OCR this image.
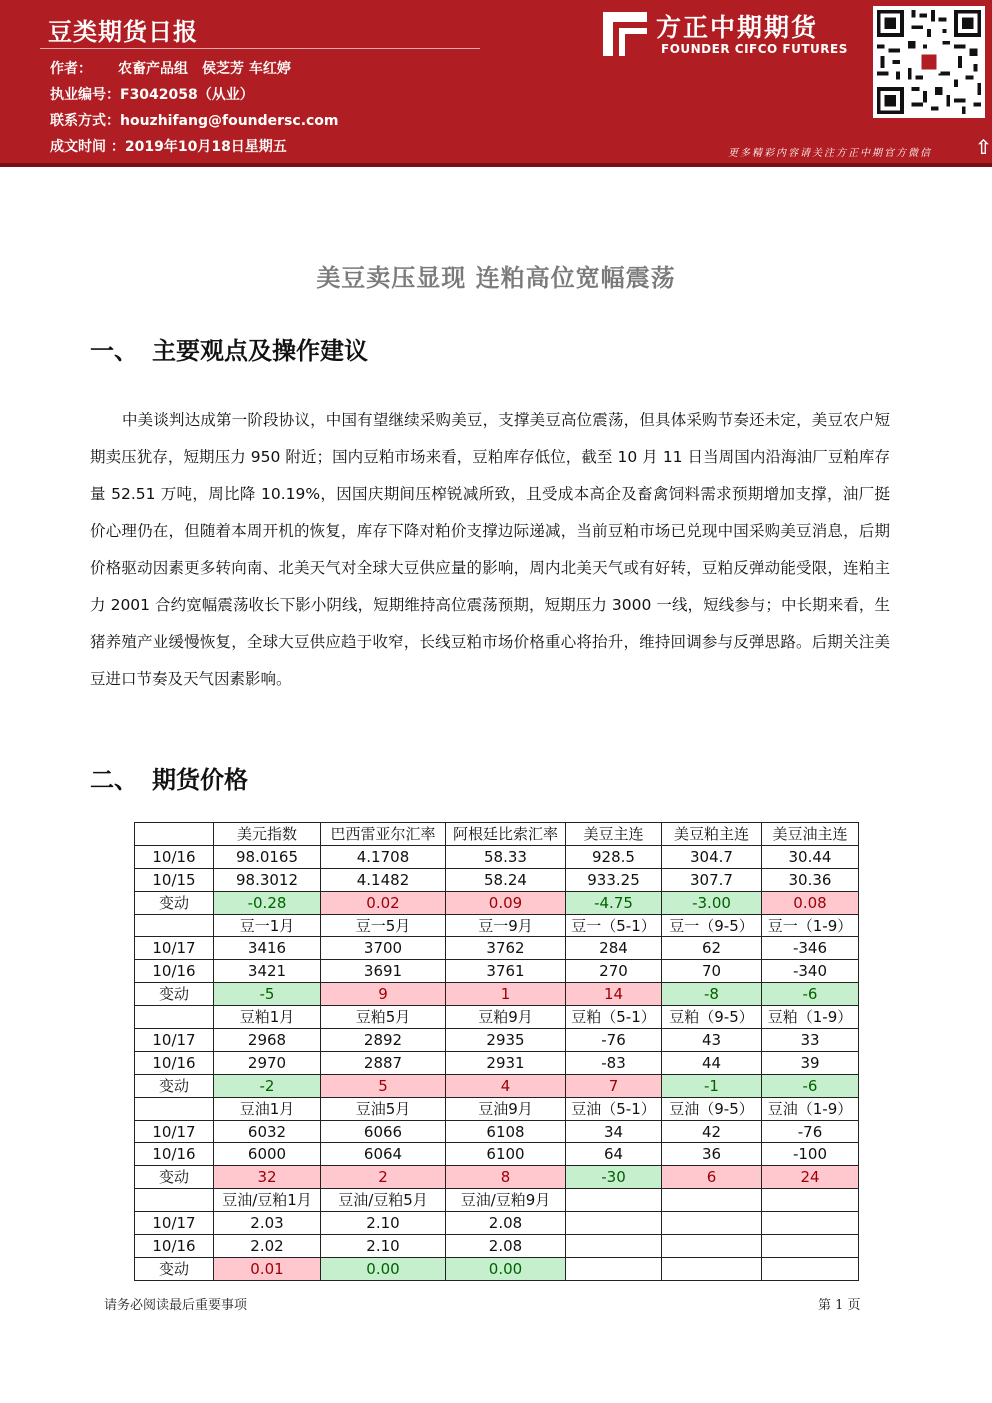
豆类期货日报
作者： 农畜产品组　侯芝芳 车红婷
执业编号：F3042058（从业）
联系方式：houzhifang@foundersc.com
成文时间 ：2019年10月18日星期五
方正中期期货
FOUNDER CIFCO FUTURES
更多精彩内容请关注方正中期官方微信 ⇧
美豆卖压显现 连粕高位宽幅震荡
一、 主要观点及操作建议
中美谈判达成第一阶段协议，中国有望继续采购美豆，支撑美豆高位震荡，但具体采购节奏还未定，美豆农户短期卖压犹存，短期压力 950 附近；国内豆粕市场来看，豆粕库存低位，截至 10 月 11 日当周国内沿海油厂豆粕库存量 52.51 万吨，周比降 10.19%，因国庆期间压榨锐减所致，且受成本高企及畜禽饲料需求预期增加支撑，油厂挺价心理仍在，但随着本周开机的恢复，库存下降对粕价支撑边际递减，当前豆粕市场已兑现中国采购美豆消息，后期价格驱动因素更多转向南、北美天气对全球大豆供应量的影响，周内北美天气或有好转，豆粕反弹动能受限，连粕主力 2001 合约宽幅震荡收长下影小阴线，短期维持高位震荡预期，短期压力 3000 一线，短线参与；中长期来看，生猪养殖产业缓慢恢复，全球大豆供应趋于收窄，长线豆粕市场价格重心将抬升，维持回调参与反弹思路。后期关注美豆进口节奏及天气因素影响。
二、 期货价格
	美元指数	巴西雷亚尔汇率	阿根廷比索汇率	美豆主连	美豆粕主连	美豆油主连
10/16	98.0165	4.1708	58.33	928.5	304.7	30.44
10/15	98.3012	4.1482	58.24	933.25	307.7	30.36
变动	-0.28	0.02	0.09	-4.75	-3.00	0.08
	豆一1月	豆一5月	豆一9月	豆一（5-1）	豆一（9-5）	豆一（1-9）
10/17	3416	3700	3762	284	62	-346
10/16	3421	3691	3761	270	70	-340
变动	-5	9	1	14	-8	-6
	豆粕1月	豆粕5月	豆粕9月	豆粕（5-1）	豆粕（9-5）	豆粕（1-9）
10/17	2968	2892	2935	-76	43	33
10/16	2970	2887	2931	-83	44	39
变动	-2	5	4	7	-1	-6
	豆油1月	豆油5月	豆油9月	豆油（5-1）	豆油（9-5）	豆油（1-9）
10/17	6032	6066	6108	34	42	-76
10/16	6000	6064	6100	64	36	-100
变动	32	2	8	-30	6	24
	豆油/豆粕1月	豆油/豆粕5月	豆油/豆粕9月			
10/17	2.03	2.10	2.08			
10/16	2.02	2.10	2.08			
变动	0.01	0.00	0.00			
请务必阅读最后重要事项	第 1 页
